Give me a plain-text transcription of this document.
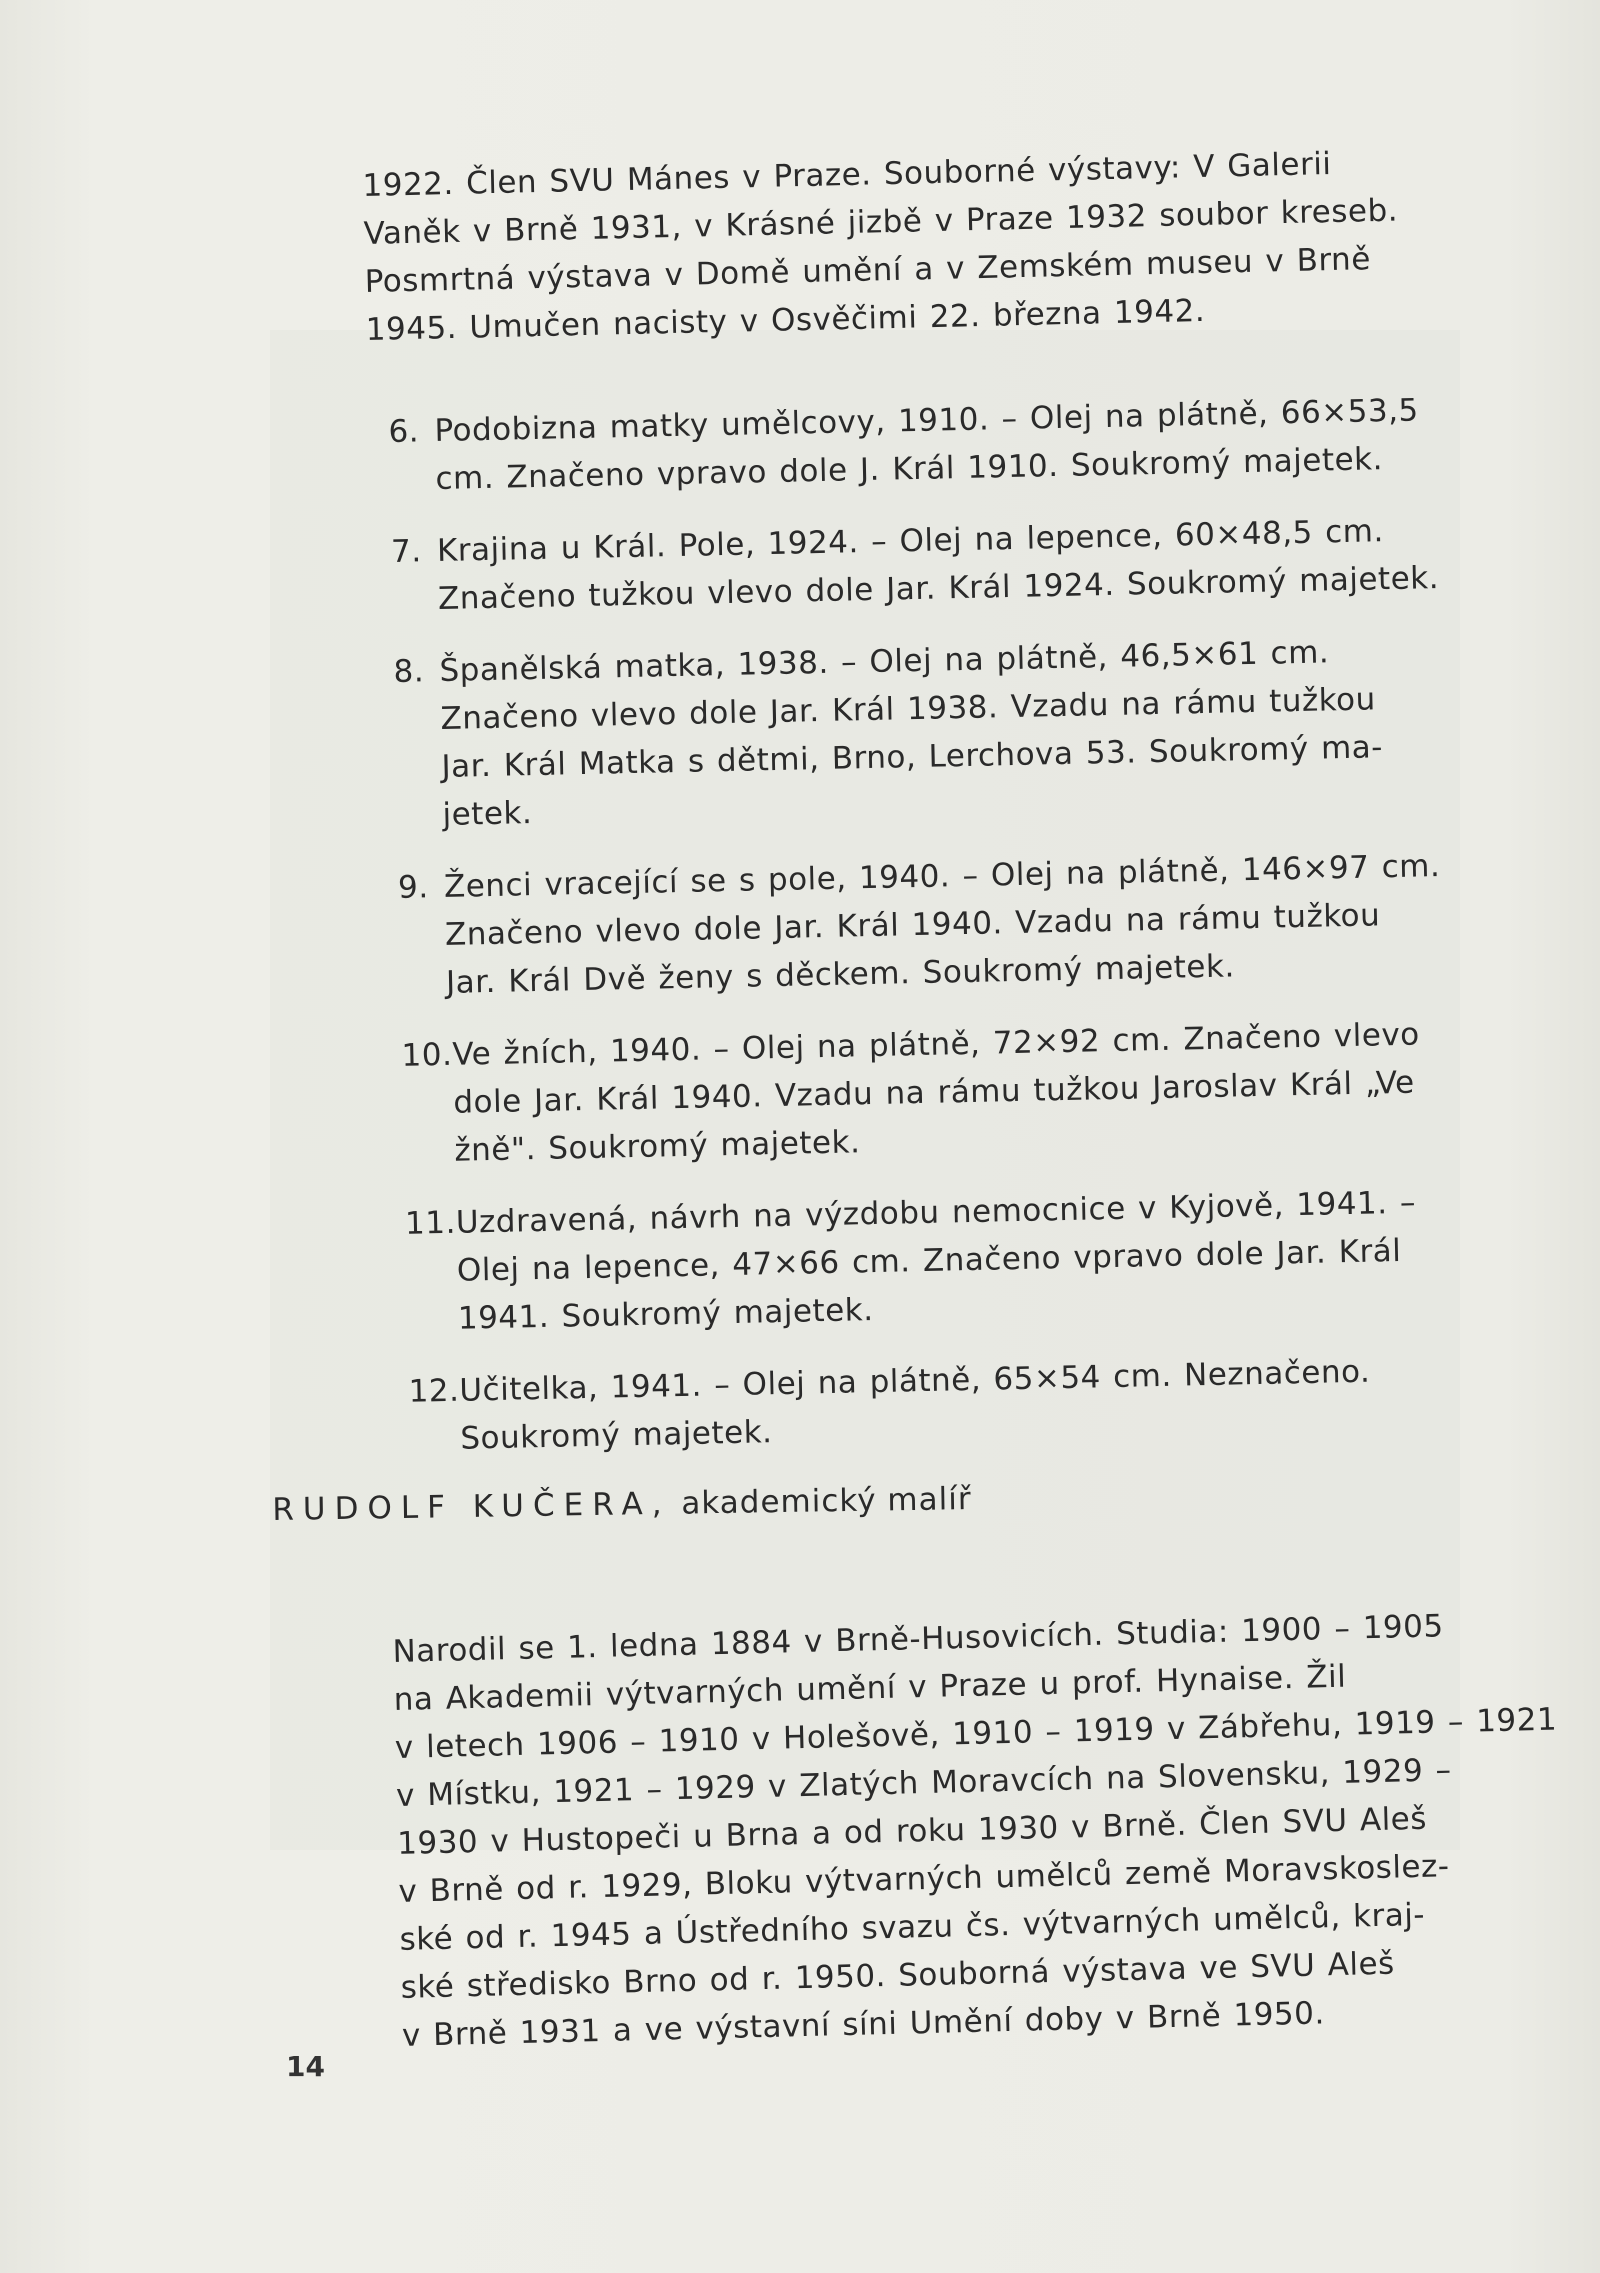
1922. Člen SVU Mánes v Praze. Souborné výstavy: V Galerii
Vaněk v Brně 1931, v Krásné jizbě v Praze 1932 soubor kreseb.
Posmrtná výstava v Domě umění a v Zemském museu v Brně
1945. Umučen nacisty v Osvěčimi 22. března 1942.
6. Podobizna matky umělcovy, 1910. – Olej na plátně, 66×53,5
cm. Značeno vpravo dole J. Král 1910. Soukromý majetek.
7. Krajina u Král. Pole, 1924. – Olej na lepence, 60×48,5 cm.
Značeno tužkou vlevo dole Jar. Král 1924. Soukromý majetek.
8. Španělská matka, 1938. – Olej na plátně, 46,5×61 cm.
Značeno vlevo dole Jar. Král 1938. Vzadu na rámu tužkou
Jar. Král Matka s dětmi, Brno, Lerchova 53. Soukromý ma-
jetek.
9. Ženci vracející se s pole, 1940. – Olej na plátně, 146×97 cm.
Značeno vlevo dole Jar. Král 1940. Vzadu na rámu tužkou
Jar. Král Dvě ženy s děckem. Soukromý majetek.
10. Ve žních, 1940. – Olej na plátně, 72×92 cm. Značeno vlevo
dole Jar. Král 1940. Vzadu na rámu tužkou Jaroslav Král „Ve
žně". Soukromý majetek.
11. Uzdravená, návrh na výzdobu nemocnice v Kyjově, 1941. –
Olej na lepence, 47×66 cm. Značeno vpravo dole Jar. Král
1941. Soukromý majetek.
12. Učitelka, 1941. – Olej na plátně, 65×54 cm. Neznačeno.
Soukromý majetek.
RUDOLF KUČERA, akademický malíř
Narodil se 1. ledna 1884 v Brně-Husovicích. Studia: 1900 – 1905
na Akademii výtvarných umění v Praze u prof. Hynaise. Žil
v letech 1906 – 1910 v Holešově, 1910 – 1919 v Zábřehu, 1919 – 1921
v Místku, 1921 – 1929 v Zlatých Moravcích na Slovensku, 1929 –
1930 v Hustopeči u Brna a od roku 1930 v Brně. Člen SVU Aleš
v Brně od r. 1929, Bloku výtvarných umělců země Moravskoslez-
ské od r. 1945 a Ústředního svazu čs. výtvarných umělců, kraj-
ské středisko Brno od r. 1950. Souborná výstava ve SVU Aleš
v Brně 1931 a ve výstavní síni Umění doby v Brně 1950.
14
